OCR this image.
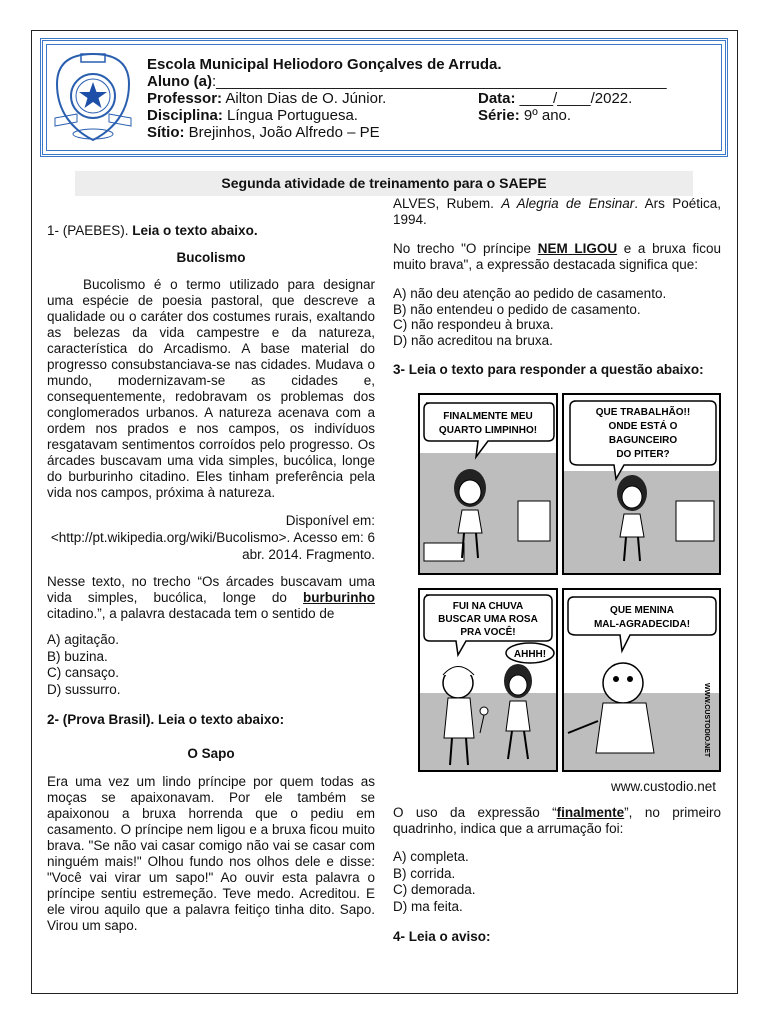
Escola Municipal Heliodoro Gonçalves de Arruda.
Aluno (a):______________________________________________________
Professor: Ailton Dias de O. Júnior.	Data: ____/____/2022.
Disciplina: Língua Portuguesa.	Série: 9º ano.
Sítio: Brejinhos, João Alfredo – PE
Segunda atividade de treinamento para o SAEPE
1- (PAEBES). Leia o texto abaixo.
Bucolismo
Bucolismo é o termo utilizado para designar uma espécie de poesia pastoral, que descreve a qualidade ou o caráter dos costumes rurais, exaltando as belezas da vida campestre e da natureza, característica do Arcadismo. A base material do progresso consubstanciava-se nas cidades. Mudava o mundo, modernizavam-se as cidades e, consequentemente, redobravam os problemas dos conglomerados urbanos. A natureza acenava com a ordem nos prados e nos campos, os indivíduos resgatavam sentimentos corroídos pelo progresso. Os árcades buscavam uma vida simples, bucólica, longe do burburinho citadino. Eles tinham preferência pela vida nos campos, próxima à natureza.
Disponível em: <http://pt.wikipedia.org/wiki/Bucolismo>. Acesso em: 6 abr. 2014. Fragmento.
Nesse texto, no trecho “Os árcades buscavam uma vida simples, bucólica, longe do burburinho citadino.”, a palavra destacada tem o sentido de
A) agitação.
B) buzina.
C) cansaço.
D) sussurro.
2- (Prova Brasil). Leia o texto abaixo:
O Sapo
Era uma vez um lindo príncipe por quem todas as moças se apaixonavam. Por ele também se apaixonou a bruxa horrenda que o pediu em casamento. O príncipe nem ligou e a bruxa ficou muito brava. "Se não vai casar comigo não vai se casar com ninguém mais!" Olhou fundo nos olhos dele e disse: "Você vai virar um sapo!" Ao ouvir esta palavra o príncipe sentiu estremeção. Teve medo. Acreditou. E ele virou aquilo que a palavra feitiço tinha dito. Sapo. Virou um sapo.
ALVES, Rubem. A Alegria de Ensinar. Ars Poética, 1994.
No trecho "O príncipe NEM LIGOU e a bruxa ficou muito brava", a expressão destacada significa que:
A) não deu atenção ao pedido de casamento.
B) não entendeu o pedido de casamento.
C) não respondeu à bruxa.
D) não acreditou na bruxa.
3- Leia o texto para responder a questão abaixo:
FINALMENTE MEU
QUARTO LIMPINHO!
QUE TRABALHÃO!!
ONDE ESTÁ O
BAGUNCEIRO
DO PITER?
FUI NA CHUVA
BUSCAR UMA ROSA
PRA VOCÊ!
AHHH!
QUE MENINA
MAL-AGRADECIDA!
WWW.CUSTODIO.NET
www.custodio.net
O uso da expressão “finalmente”, no primeiro quadrinho, indica que a arrumação foi:
A) completa.
B) corrida.
C) demorada.
D) ma feita.
4- Leia o aviso:
